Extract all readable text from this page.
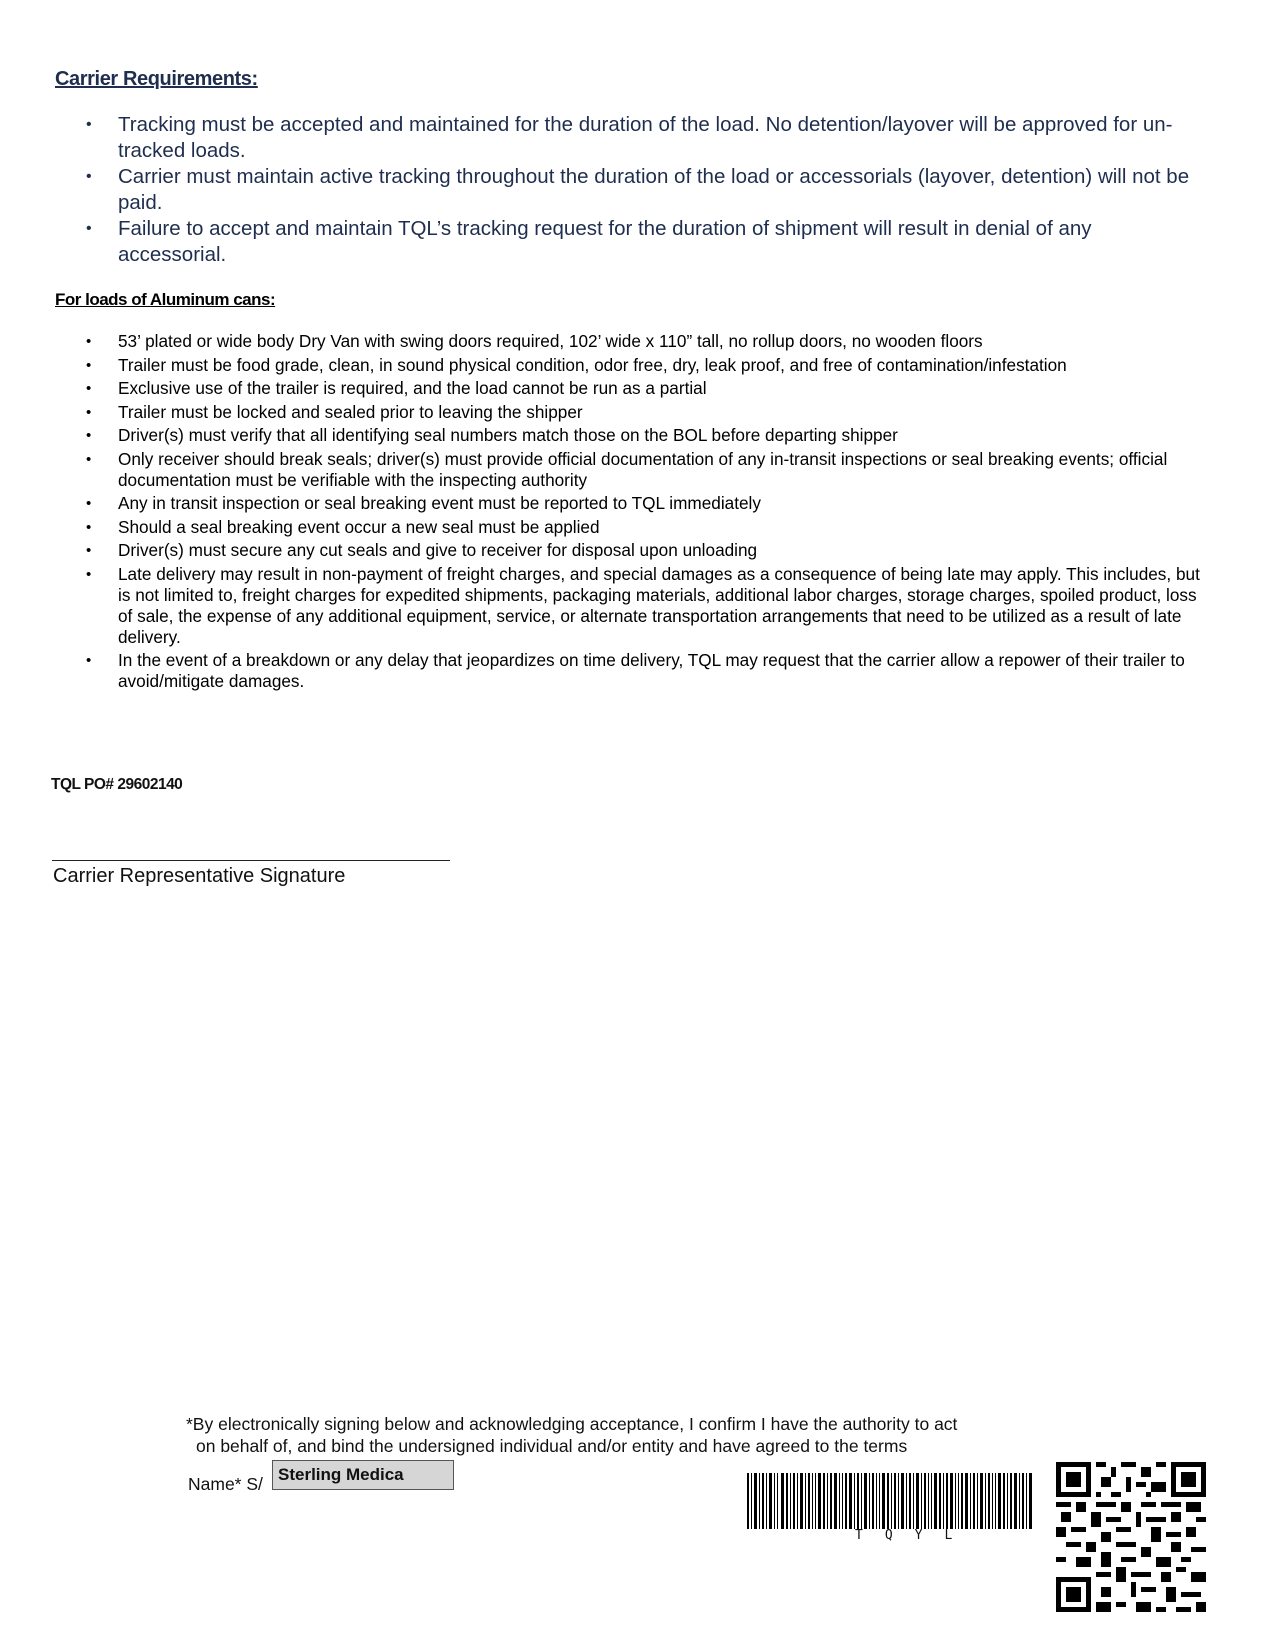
Carrier Requirements:
• Tracking must be accepted and maintained for the duration of the load. No detention/layover will be approved for un-tracked loads.
• Carrier must maintain active tracking throughout the duration of the load or accessorials (layover, detention) will not be paid.
• Failure to accept and maintain TQL’s tracking request for the duration of shipment will result in denial of any accessorial.
For loads of Aluminum cans:
• 53’ plated or wide body Dry Van with swing doors required, 102’ wide x 110” tall, no rollup doors, no wooden floors
• Trailer must be food grade, clean, in sound physical condition, odor free, dry, leak proof, and free of contamination/infestation
• Exclusive use of the trailer is required, and the load cannot be run as a partial
• Trailer must be locked and sealed prior to leaving the shipper
• Driver(s) must verify that all identifying seal numbers match those on the BOL before departing shipper
• Only receiver should break seals; driver(s) must provide official documentation of any in-transit inspections or seal breaking events; official documentation must be verifiable with the inspecting authority
• Any in transit inspection or seal breaking event must be reported to TQL immediately
• Should a seal breaking event occur a new seal must be applied
• Driver(s) must secure any cut seals and give to receiver for disposal upon unloading
• Late delivery may result in non-payment of freight charges, and special damages as a consequence of being late may apply. This includes, but is not limited to, freight charges for expedited shipments, packaging materials, additional labor charges, storage charges, spoiled product, loss of sale, the expense of any additional equipment, service, or alternate transportation arrangements that need to be utilized as a result of late delivery.
• In the event of a breakdown or any delay that jeopardizes on time delivery, TQL may request that the carrier allow a repower of their trailer to avoid/mitigate damages.
TQL PO# 29602140
Carrier Representative Signature
*By electronically signing below and acknowledging acceptance, I confirm I have the authority to act
on behalf of, and bind the undersigned individual and/or entity and have agreed to the terms
Name* S/ Sterling Medica
TQYL
